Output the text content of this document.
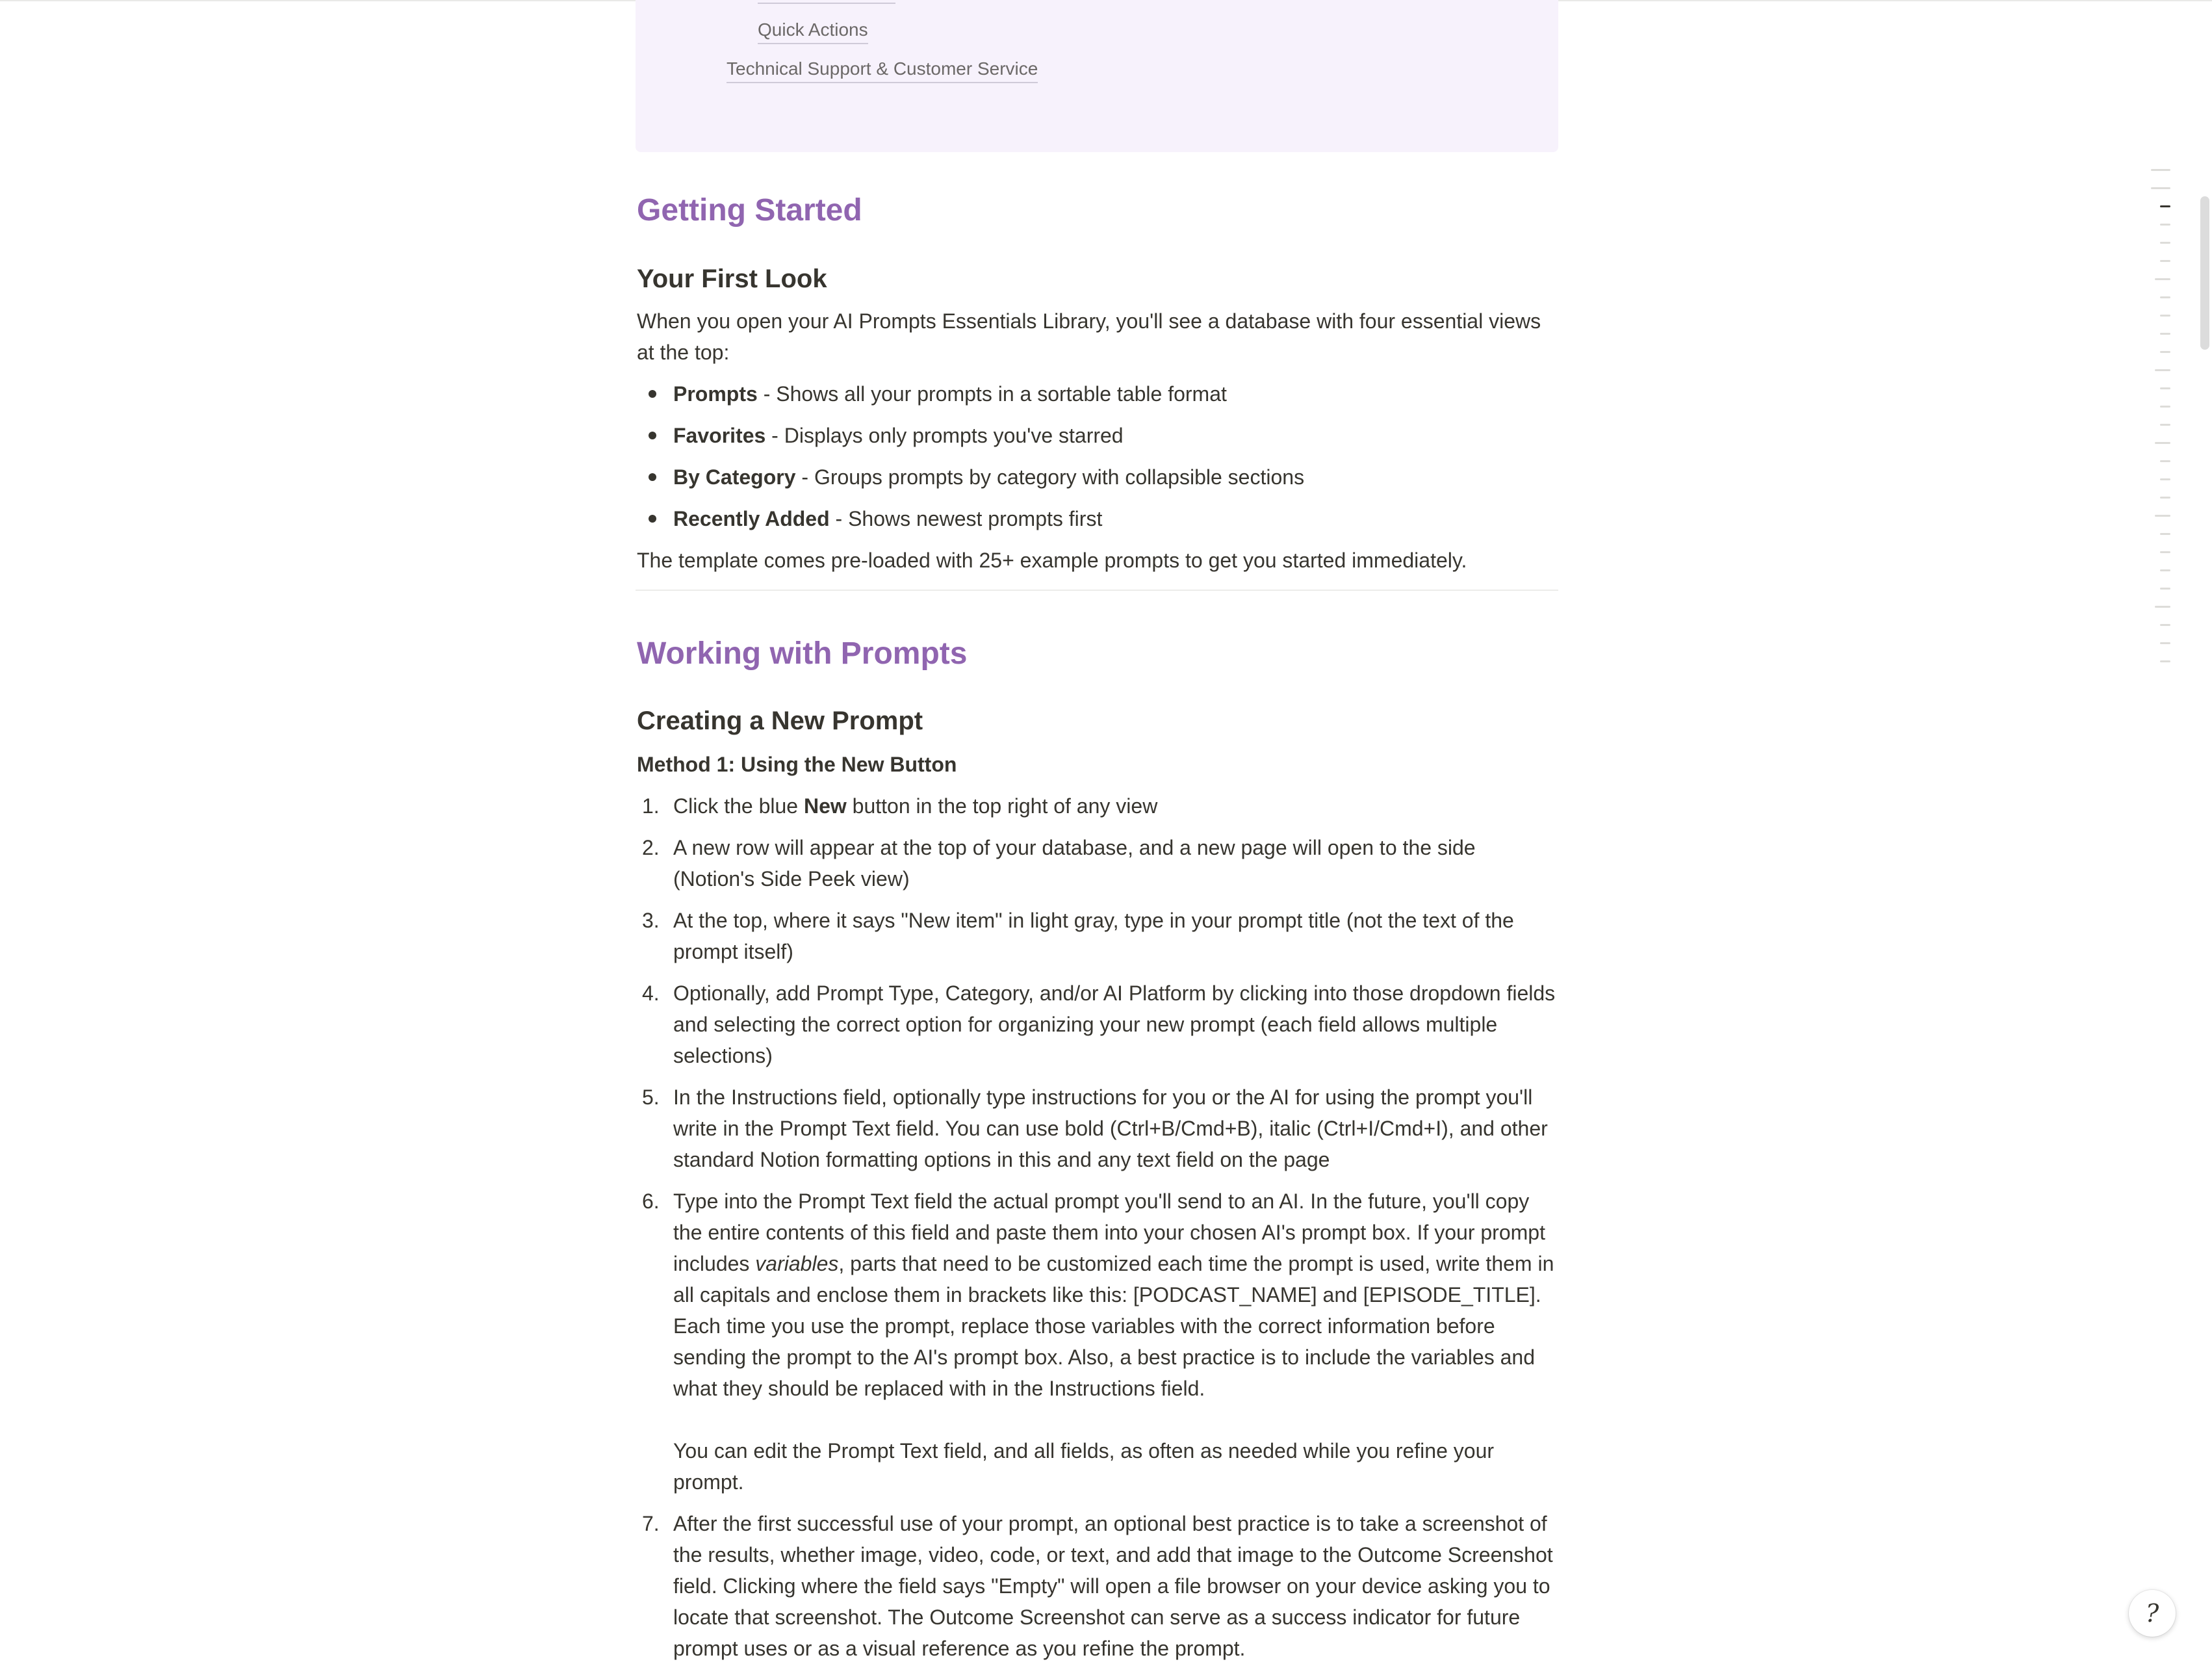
Quick Actions
Technical Support & Customer Service
Getting Started
Your First Look
When you open your AI Prompts Essentials Library, you'll see a database with four essential views at the top:
Prompts - Shows all your prompts in a sortable table format
Favorites - Displays only prompts you've starred
By Category - Groups prompts by category with collapsible sections
Recently Added - Shows newest prompts first
The template comes pre-loaded with 25+ example prompts to get you started immediately.
Working with Prompts
Creating a New Prompt
Method 1: Using the New Button
1. Click the blue New button in the top right of any view
2. A new row will appear at the top of your database, and a new page will open to the side (Notion's Side Peek view)
3. At the top, where it says "New item" in light gray, type in your prompt title (not the text of the prompt itself)
4. Optionally, add Prompt Type, Category, and/or AI Platform by clicking into those dropdown fields and selecting the correct option for organizing your new prompt (each field allows multiple selections)
5. In the Instructions field, optionally type instructions for you or the AI for using the prompt you'll write in the Prompt Text field. You can use bold (Ctrl+B/Cmd+B), italic (Ctrl+I/Cmd+I), and other standard Notion formatting options in this and any text field on the page
6. Type into the Prompt Text field the actual prompt you'll send to an AI. In the future, you'll copy the entire contents of this field and paste them into your chosen AI's prompt box. If your prompt includes variables, parts that need to be customized each time the prompt is used, write them in all capitals and enclose them in brackets like this: [PODCAST_NAME] and [EPISODE_TITLE]. Each time you use the prompt, replace those variables with the correct information before sending the prompt to the AI's prompt box. Also, a best practice is to include the variables and what they should be replaced with in the Instructions field.

You can edit the Prompt Text field, and all fields, as often as needed while you refine your prompt.
7. After the first successful use of your prompt, an optional best practice is to take a screenshot of the results, whether image, video, code, or text, and add that image to the Outcome Screenshot field. Clicking where the field says "Empty" will open a file browser on your device asking you to locate that screenshot. The Outcome Screenshot can serve as a success indicator for future prompt uses or as a visual reference as you refine the prompt.
?
